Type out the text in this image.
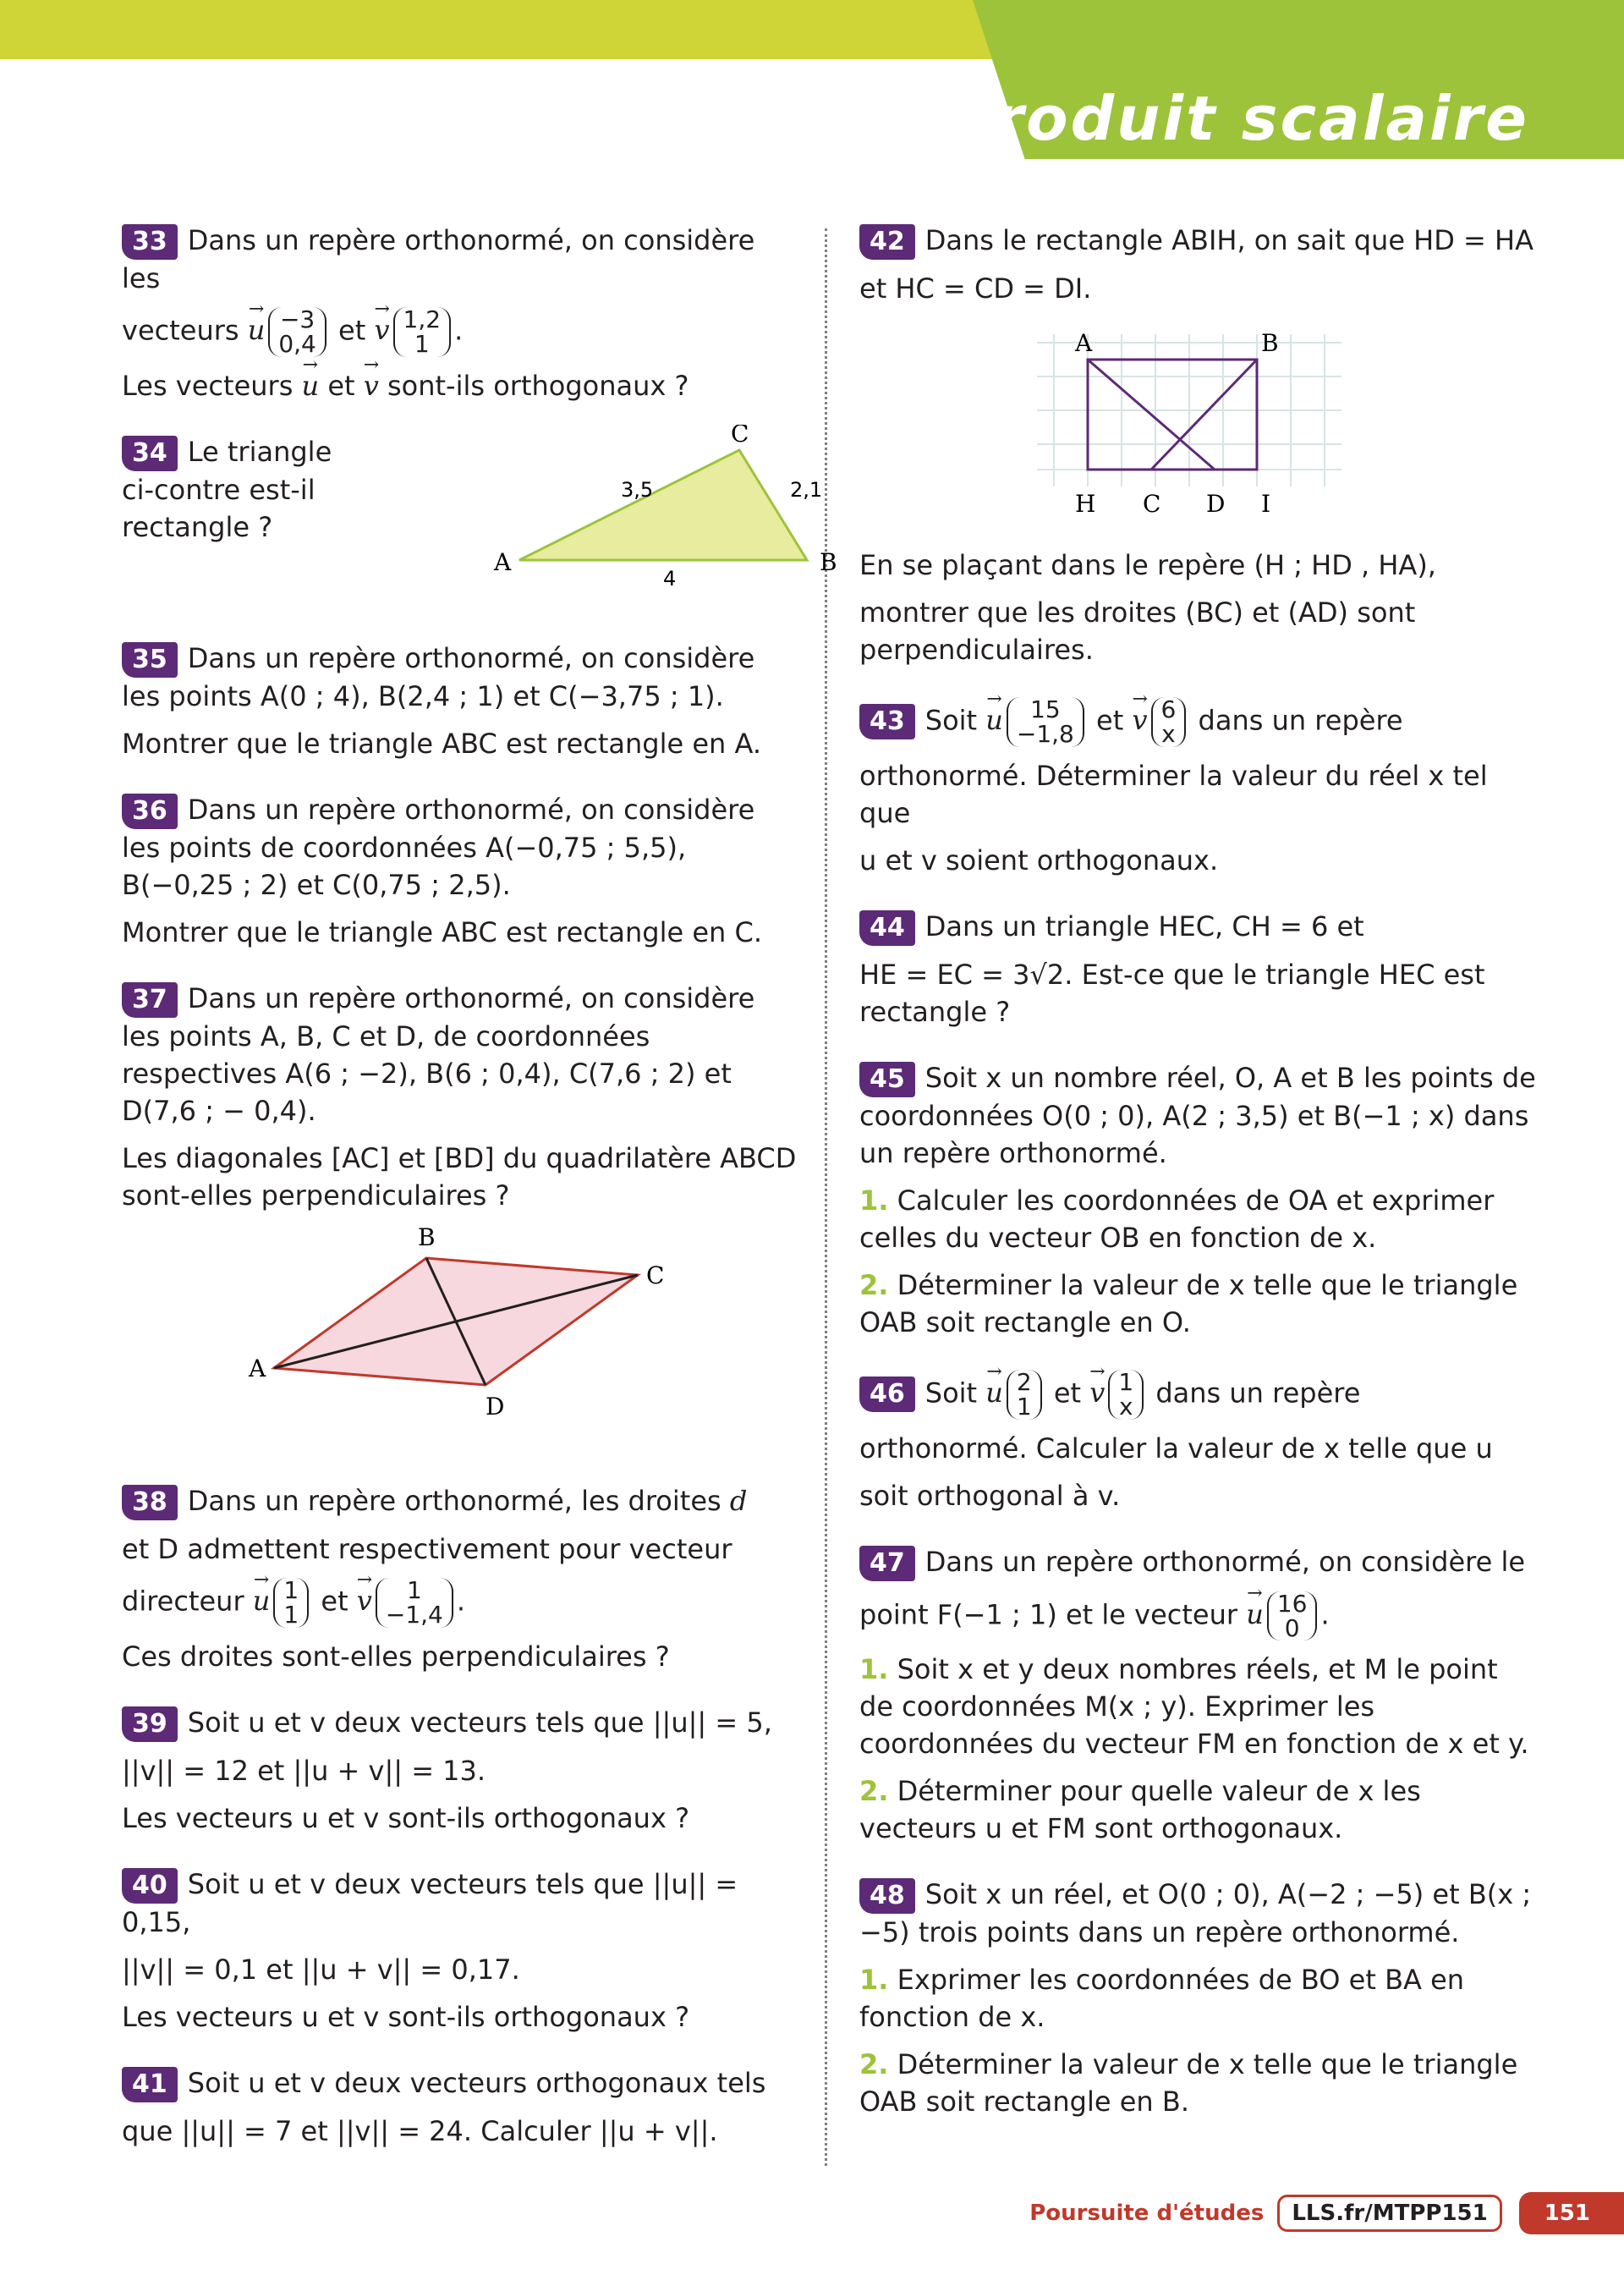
Produit scalaire

33 Dans un repère orthonormé, on considère les

vecteurs → u −3
0,4 et → v 1,2
1 .

Les vecteurs → u et → v sont-ils orthogonaux ?

34 Le triangle ci-contre est-il rectangle ?

A	B
C
3,5	2,1
4

35 Dans un repère orthonormé, on considère les points A(0 ; 4), B(2,4 ; 1) et C(−3,75 ; 1).

Montrer que le triangle ABC est rectangle en A.

36 Dans un repère orthonormé, on considère les points de coordonnées A(−0,75 ; 5,5), B(−0,25 ; 2) et C(0,75 ; 2,5).

Montrer que le triangle ABC est rectangle en C.

37 Dans un repère orthonormé, on considère les points A, B, C et D, de coordonnées respectives A(6 ; −2), B(6 ; 0,4), C(7,6 ; 2) et D(7,6 ; − 0,4).

Les diagonales [AC] et [BD] du quadrilatère ABCD sont-elles perpendiculaires ?

A
B
C
D

38 Dans un repère orthonormé, les droites d

et D admettent respectivement pour vecteur

directeur → u 1
1 et → v 1
−1,4 .

Ces droites sont-elles perpendiculaires ?

39 Soit u et v deux vecteurs tels que ||u|| = 5,

||v|| = 12 et ||u + v|| = 13.

Les vecteurs u et v sont-ils orthogonaux ?

40 Soit u et v deux vecteurs tels que ||u|| = 0,15,

||v|| = 0,1 et ||u + v|| = 0,17.

Les vecteurs u et v sont-ils orthogonaux ?

41 Soit u et v deux vecteurs orthogonaux tels

que ||u|| = 7 et ||v|| = 24. Calculer ||u + v||.

42 Dans le rectangle ABIH, on sait que HD = HA

et HC = CD = DI.

A	B
H C D I

En se plaçant dans le repère (H ; HD , HA),

montrer que les droites (BC) et (AD) sont perpendiculaires.

43 Soit → u 15
−1,8 et → v 6
x dans un repère

orthonormé. Déterminer la valeur du réel x tel que

u et v soient orthogonaux.

44 Dans un triangle HEC, CH = 6 et

HE = EC = 3√2. Est-ce que le triangle HEC est rectangle ?

45 Soit x un nombre réel, O, A et B les points de coordonnées O(0 ; 0), A(2 ; 3,5) et B(−1 ; x) dans un repère orthonormé.

1. Calculer les coordonnées de OA et exprimer celles du vecteur OB en fonction de x.

2. Déterminer la valeur de x telle que le triangle OAB soit rectangle en O.

46 Soit → u 2
1 et → v 1
x dans un repère

orthonormé. Calculer la valeur de x telle que u

soit orthogonal à v.

47 Dans un repère orthonormé, on considère le

point F(−1 ; 1) et le vecteur → u 16
0 .

1. Soit x et y deux nombres réels, et M le point de coordonnées M(x ; y). Exprimer les coordonnées du vecteur FM en fonction de x et y.

2. Déterminer pour quelle valeur de x les vecteurs u et FM sont orthogonaux.

48 Soit x un réel, et O(0 ; 0), A(−2 ; −5) et B(x ; −5) trois points dans un repère orthonormé.

1. Exprimer les coordonnées de BO et BA en fonction de x.

2. Déterminer la valeur de x telle que le triangle OAB soit rectangle en B.

Poursuite d'études	LLS.fr/MTPP151	151
